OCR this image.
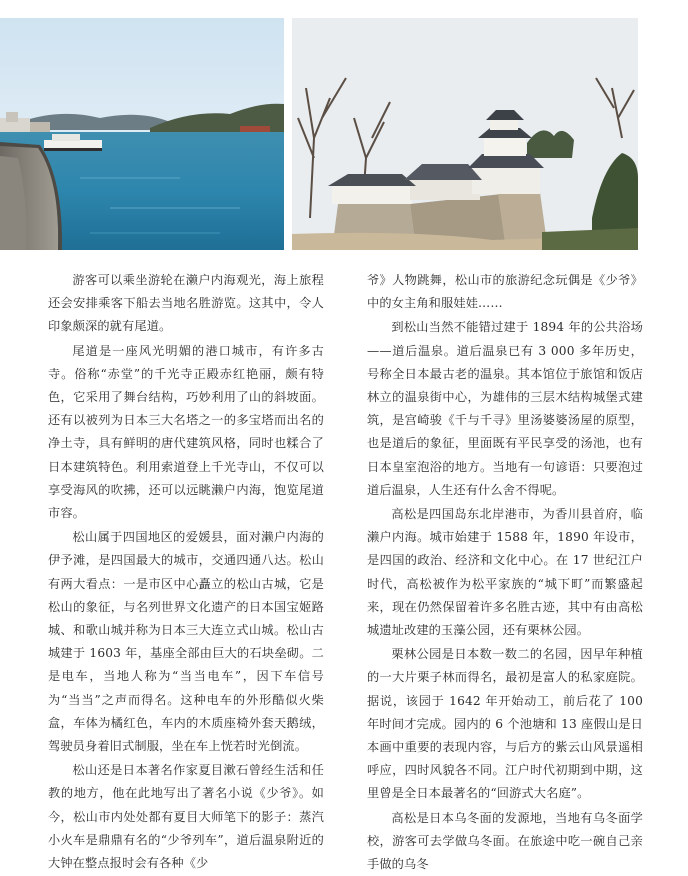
游客可以乘坐游轮在濑户内海观光，海上旅程还会安排乘客下船去当地名胜游览。这其中，令人印象颇深的就有尾道。

尾道是一座风光明媚的港口城市，有许多古寺。俗称“赤堂”的千光寺正殿赤红艳丽，颇有特色，它采用了舞台结构，巧妙利用了山的斜坡面。还有以被列为日本三大名塔之一的多宝塔而出名的净土寺，具有鲜明的唐代建筑风格，同时也糅合了日本建筑特色。利用索道登上千光寺山，不仅可以享受海风的吹拂，还可以远眺濑户内海，饱览尾道市容。

松山属于四国地区的爱媛县，面对濑户内海的伊予滩，是四国最大的城市，交通四通八达。松山有两大看点：一是市区中心矗立的松山古城，它是松山的象征，与名列世界文化遗产的日本国宝姬路城、和歌山城并称为日本三大连立式山城。松山古城建于 1603 年，基座全部由巨大的石块垒砌。二是电车，当地人称为“当当电车”，因下车信号为“当当”之声而得名。这种电车的外形酷似火柴盒，车体为橘红色，车内的木质座椅外套天鹅绒，驾驶员身着旧式制服，坐在车上恍若时光倒流。

松山还是日本著名作家夏目漱石曾经生活和任教的地方，他在此地写出了著名小说《少爷》。如今，松山市内处处都有夏目大师笔下的影子：蒸汽小火车是鼎鼎有名的“少爷列车”，道后温泉附近的大钟在整点报时会有各种《少

爷》人物跳舞，松山市的旅游纪念玩偶是《少爷》中的女主角和服娃娃……

到松山当然不能错过建于 1894 年的公共浴场——道后温泉。道后温泉已有 3 000 多年历史，号称全日本最古老的温泉。其本馆位于旅馆和饭店林立的温泉街中心，为雄伟的三层木结构城堡式建筑，是宫崎骏《千与千寻》里汤婆婆汤屋的原型，也是道后的象征，里面既有平民享受的汤池，也有日本皇室泡浴的地方。当地有一句谚语：只要泡过道后温泉，人生还有什么舍不得呢。

高松是四国岛东北岸港市，为香川县首府，临濑户内海。城市始建于 1588 年，1890 年设市，是四国的政治、经济和文化中心。在 17 世纪江户时代，高松被作为松平家族的“城下町”而繁盛起来，现在仍然保留着许多名胜古迹，其中有由高松城遗址改建的玉藻公园，还有栗林公园。

栗林公园是日本数一数二的名园，因早年种植的一大片栗子林而得名，最初是富人的私家庭院。据说，该园于 1642 年开始动工，前后花了 100 年时间才完成。园内的 6 个池塘和 13 座假山是日本画中重要的表现内容，与后方的紫云山风景遥相呼应，四时风貌各不同。江户时代初期到中期，这里曾是全日本最著名的“回游式大名庭”。

高松是日本乌冬面的发源地，当地有乌冬面学校，游客可去学做乌冬面。在旅途中吃一碗自己亲手做的乌冬
